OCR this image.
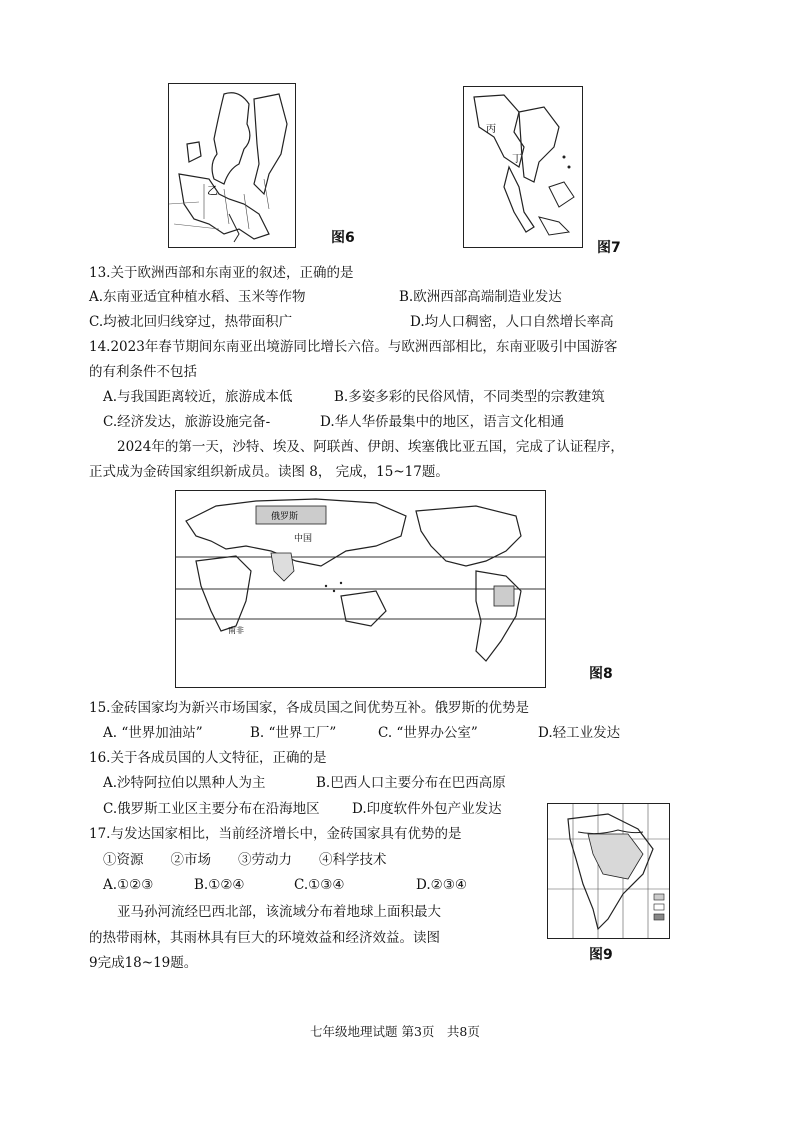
乙
图6
丙
丁
图7
13.关于欧洲西部和东南亚的叙述，正确的是
A.东南亚适宜种植水稻、玉米等作物	B.欧洲西部高端制造业发达
C.均被北回归线穿过，热带面积广	D.均人口稠密，人口自然增长率高
14.2023年春节期间东南亚出境游同比增长六倍。与欧洲西部相比，东南亚吸引中国游客
的有利条件不包括
A.与我国距离较近，旅游成本低	B.多姿多彩的民俗风情，不同类型的宗教建筑
C.经济发达，旅游设施完备-	D.华人华侨最集中的地区，语言文化相通
2024年的第一天，沙特、埃及、阿联酋、伊朗、埃塞俄比亚五国，完成了认证程序，
正式成为金砖国家组织新成员。读图 8， 完成，15~17题。
俄罗斯
中国
南非
图8
15.金砖国家均为新兴市场国家，各成员国之间优势互补。俄罗斯的优势是
A. “世界加油站”	B. “世界工厂”	C. “世界办公室”	D.轻工业发达
16.关于各成员国的人文特征，正确的是
A.沙特阿拉伯以黑种人为主	B.巴西人口主要分布在巴西高原
C.俄罗斯工业区主要分布在沿海地区 D.印度软件外包产业发达
17.与发达国家相比，当前经济增长中，金砖国家具有优势的是
①资源　　②市场　　③劳动力　　④科学技术
A.①②③	B.①②④	C.①③④	D.②③④
亚马孙河流经巴西北部，该流域分布着地球上面积最大
的热带雨林，其雨林具有巨大的环境效益和经济效益。读图
9完成18~19题。	图9
七年级地理试题 第3页　共8页
